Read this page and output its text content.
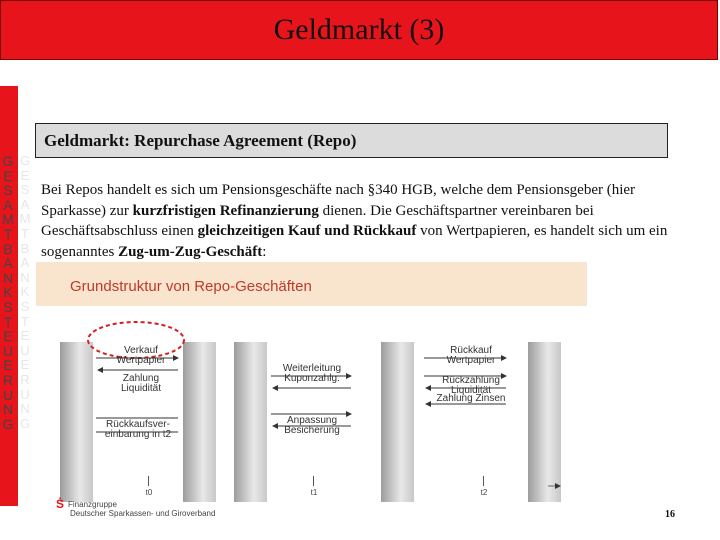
Geldmarkt (3)
G
E
S
A
M
T
B
A
N
K
S
T
E
U
E
R
U
N
G
G
E
S
A
M
T
B
A
N
K
S
T
E
U
E
R
U
N
G
Geldmarkt: Repurchase Agreement (Repo)
Bei Repos handelt es sich um Pensionsgeschäfte nach §340 HGB, welche dem Pensionsgeber (hier Sparkasse) zur kurzfristigen Refinanzierung dienen. Die Geschäftspartner vereinbaren bei Geschäftsabschluss einen gleichzeitigen Kauf und Rückkauf von Wertpapieren, es handelt sich um ein sogenanntes Zug-um-Zug-Geschäft:
Grundstruktur von Repo-Geschäften
Verkauf Wertpapier
Zahlung Liquidität
Rückkaufsver-einbarung in t2
Weiterleitung Kuponzahlg.
Anpassung Besicherung
Rückkauf Wertpapier
Rückzahlung Liquidität
Zahlung Zinsen
t0	t1	t2
Ṡ Finanzgruppe
Deutscher Sparkassen- und Giroverband	16
